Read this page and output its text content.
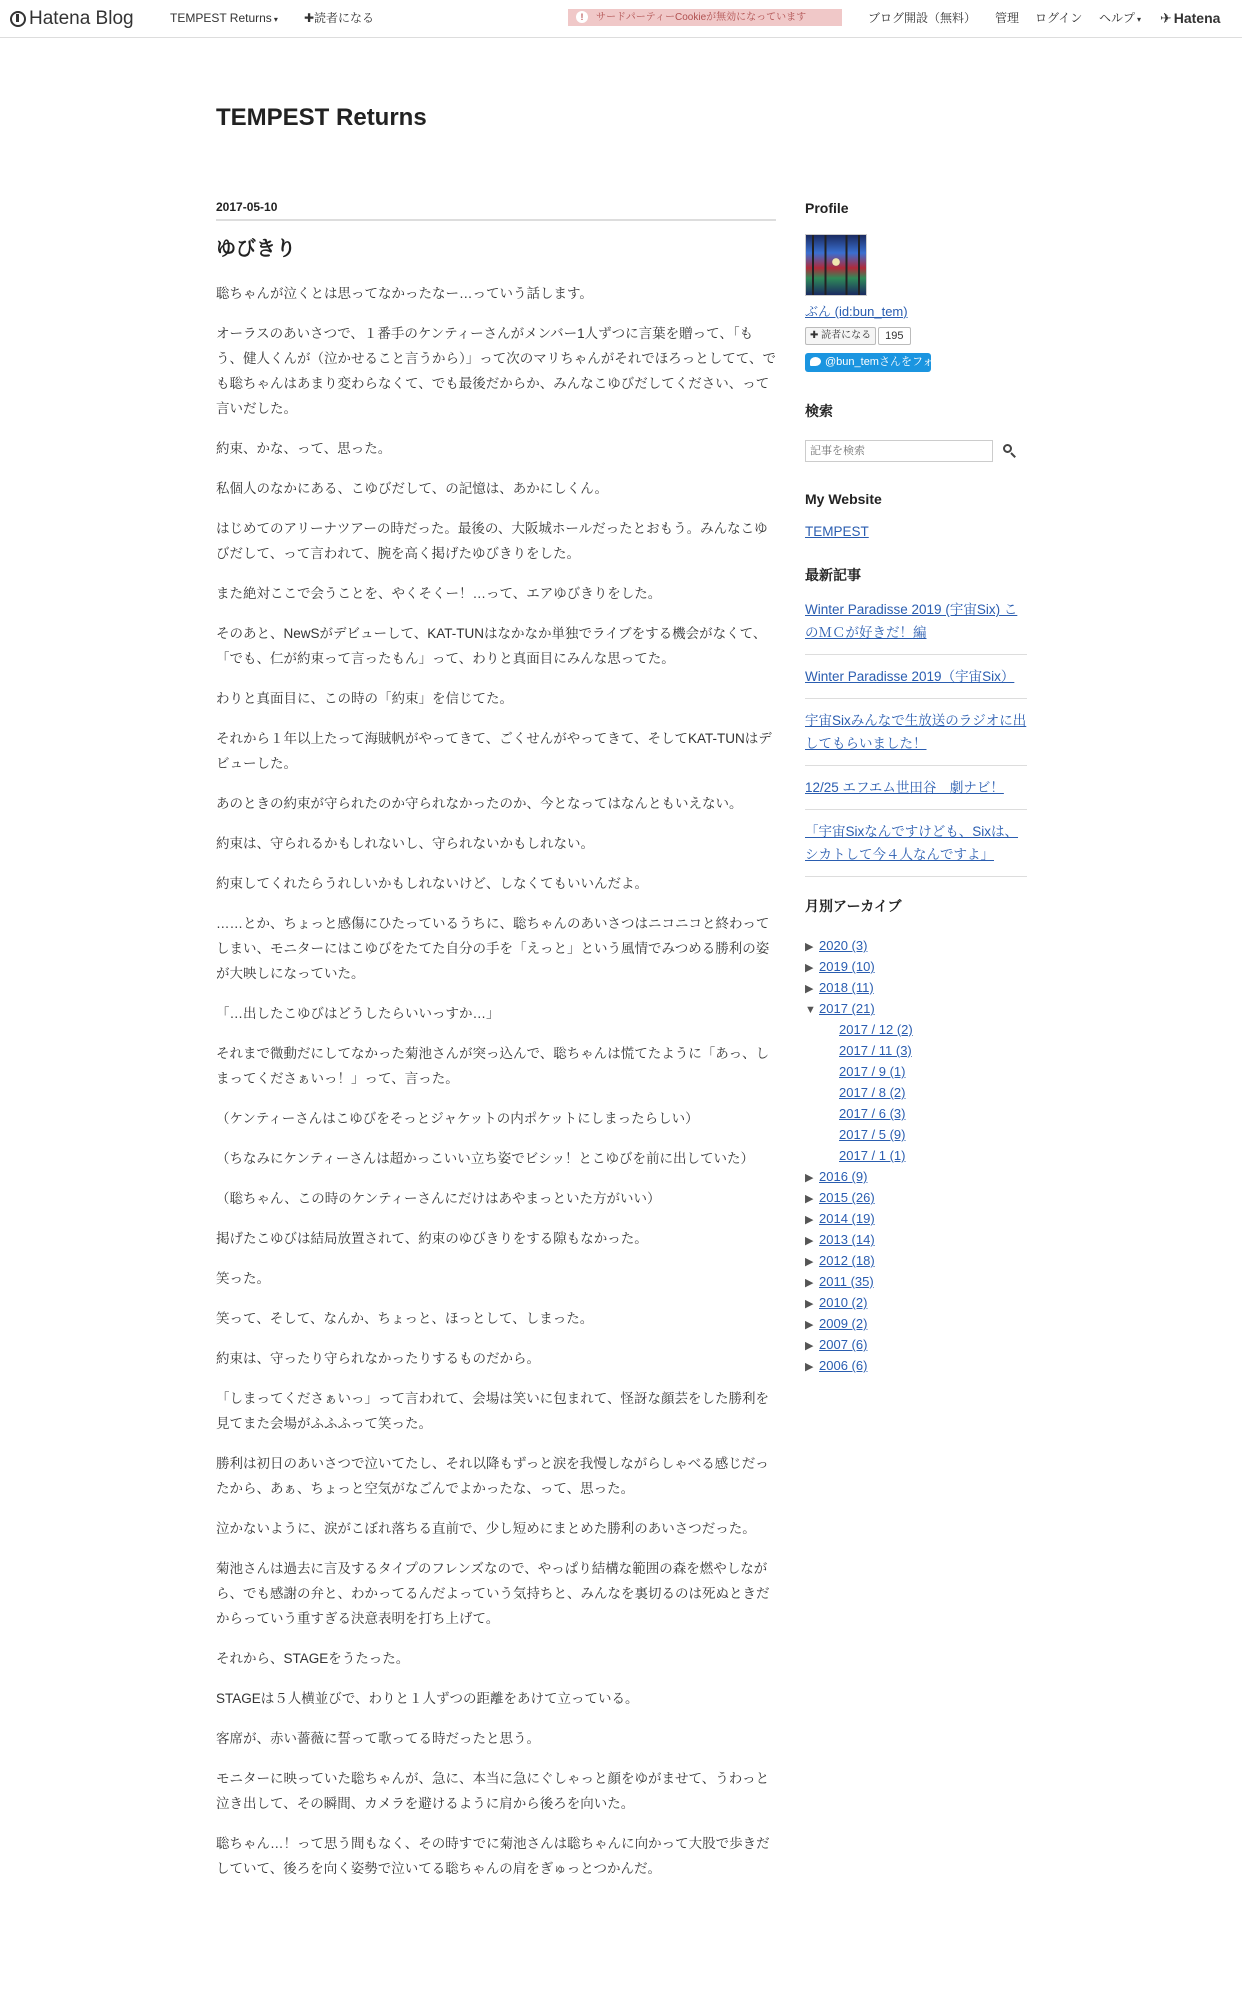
Hatena Blog	TEMPEST Returns ▾ ✚読者になる	! サードパーティーCookieが無効になっています	ブログ開設（無料） 管理 ログイン ヘルプ ▾ ✈ Hatena
TEMPEST Returns
2017-05-10
ゆびきり

聡ちゃんが泣くとは思ってなかったなー…っていう話します。

オーラスのあいさつで、１番手のケンティーさんがメンバー1人ずつに言葉を贈って、「もう、健人くんが（泣かせること言うから）」って次のマリちゃんがそれでほろっとしてて、でも聡ちゃんはあまり変わらなくて、でも最後だからか、みんなこゆびだしてください、って言いだした。

約束、かな、って、思った。

私個人のなかにある、こゆびだして、の記憶は、あかにしくん。

はじめてのアリーナツアーの時だった。最後の、大阪城ホールだったとおもう。みんなこゆびだして、って言われて、腕を高く掲げたゆびきりをした。

また絶対ここで会うことを、やくそくー！…って、エアゆびきりをした。

そのあと、NewSがデビューして、KAT-TUNはなかなか単独でライブをする機会がなくて、「でも、仁が約束って言ったもん」って、わりと真面目にみんな思ってた。

わりと真面目に、この時の「約束」を信じてた。

それから１年以上たって海賊帆がやってきて、ごくせんがやってきて、そしてKAT-TUNはデビューした。

あのときの約束が守られたのか守られなかったのか、今となってはなんともいえない。

約束は、守られるかもしれないし、守られないかもしれない。

約束してくれたらうれしいかもしれないけど、しなくてもいいんだよ。

……とか、ちょっと感傷にひたっているうちに、聡ちゃんのあいさつはニコニコと終わってしまい、モニターにはこゆびをたてた自分の手を「えっと」という風情でみつめる勝利の姿が大映しになっていた。

「…出したこゆびはどうしたらいいっすか…」

それまで微動だにしてなかった菊池さんが突っ込んで、聡ちゃんは慌てたように「あっ、しまってくださぁいっ！」って、言った。

（ケンティーさんはこゆびをそっとジャケットの内ポケットにしまったらしい）

（ちなみにケンティーさんは超かっこいい立ち姿でビシッ！とこゆびを前に出していた）

（聡ちゃん、この時のケンティーさんにだけはあやまっといた方がいい）

掲げたこゆびは結局放置されて、約束のゆびきりをする隙もなかった。

笑った。

笑って、そして、なんか、ちょっと、ほっとして、しまった。

約束は、守ったり守られなかったりするものだから。

「しまってくださぁいっ」って言われて、会場は笑いに包まれて、怪訝な顔芸をした勝利を見てまた会場がふふふって笑った。

勝利は初日のあいさつで泣いてたし、それ以降もずっと涙を我慢しながらしゃべる感じだったから、あぁ、ちょっと空気がなごんでよかったな、って、思った。

泣かないように、涙がこぼれ落ちる直前で、少し短めにまとめた勝利のあいさつだった。

菊池さんは過去に言及するタイプのフレンズなので、やっぱり結構な範囲の森を燃やしながら、でも感謝の弁と、わかってるんだよっていう気持ちと、みんなを裏切るのは死ぬときだからっていう重すぎる決意表明を打ち上げて。

それから、STAGEをうたった。

STAGEは５人横並びで、わりと１人ずつの距離をあけて立っている。

客席が、赤い薔薇に誓って歌ってる時だったと思う。

モニターに映っていた聡ちゃんが、急に、本当に急にぐしゃっと顔をゆがませて、うわっと泣き出して、その瞬間、カメラを避けるように肩から後ろを向いた。

聡ちゃん…！って思う間もなく、その時すでに菊池さんは聡ちゃんに向かって大股で歩きだしていて、後ろを向く姿勢で泣いてる聡ちゃんの肩をぎゅっとつかんだ。

Profile
ぶん (id:bun_tem)
✚ 読者になる 195
@bun_temさんをフォロー
検索
記事を検索
My Website
TEMPEST
最新記事
Winter Paradisse 2019 (宇宙Six) このＭＣが好きだ！編
Winter Paradisse 2019（宇宙Six）
宇宙Sixみんなで生放送のラジオに出してもらいました！
12/25 エフエム世田谷　劇ナビ！
「宇宙Sixなんですけども、Sixは、シカトして今４人なんですよ」
月別アーカイブ
▶ 2020 (3)
▶ 2019 (10)
▶ 2018 (11)
▼ 2017 (21)
2017 / 12 (2)
2017 / 11 (3)
2017 / 9 (1)
2017 / 8 (2)
2017 / 6 (3)
2017 / 5 (9)
2017 / 1 (1)
▶ 2016 (9)
▶ 2015 (26)
▶ 2014 (19)
▶ 2013 (14)
▶ 2012 (18)
▶ 2011 (35)
▶ 2010 (2)
▶ 2009 (2)
▶ 2007 (6)
▶ 2006 (6)
